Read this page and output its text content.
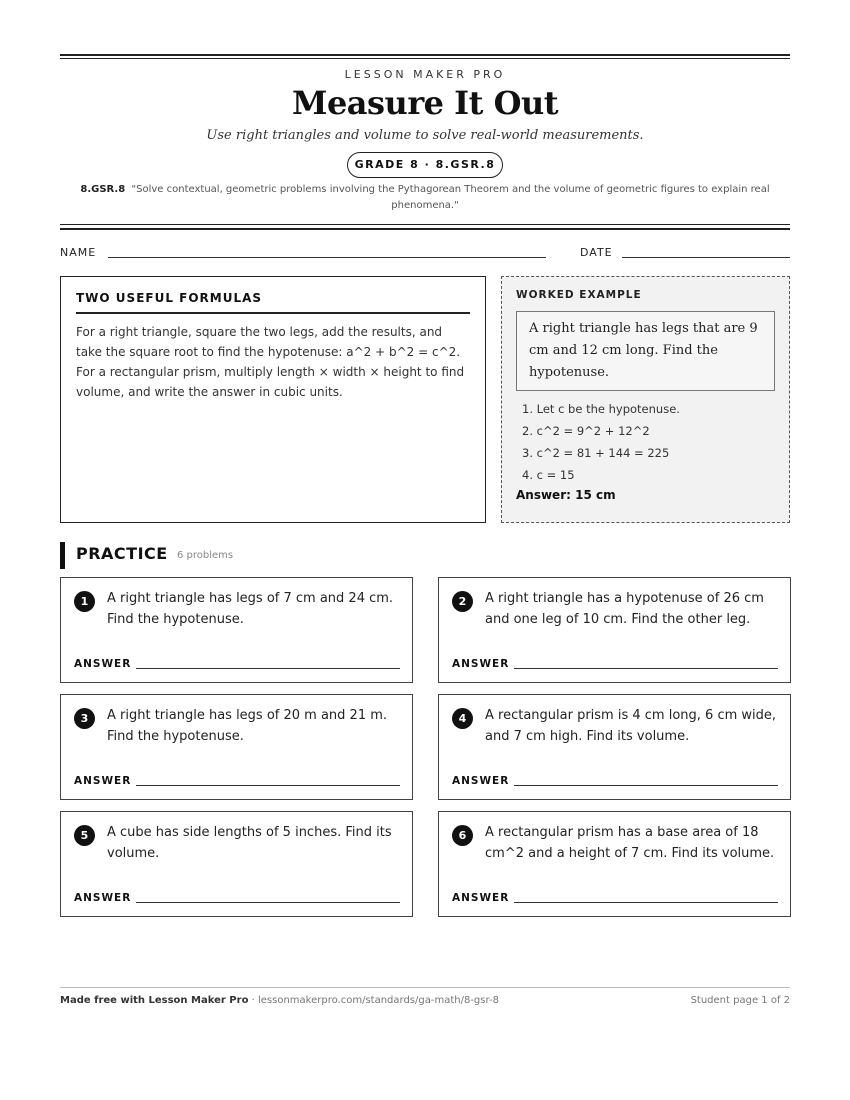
LESSON MAKER PRO
Measure It Out
Use right triangles and volume to solve real-world measurements.
GRADE 8 · 8.GSR.8
8.GSR.8 "Solve contextual, geometric problems involving the Pythagorean Theorem and the volume of geometric figures to explain real phenomena."
NAME	DATE
TWO USEFUL FORMULAS
For a right triangle, square the two legs, add the results, and take the square root to find the hypotenuse: a^2 + b^2 = c^2. For a rectangular prism, multiply length × width × height to find volume, and write the answer in cubic units.
WORKED EXAMPLE
A right triangle has legs that are 9 cm and 12 cm long. Find the hypotenuse.
1. Let c be the hypotenuse.
2. c^2 = 9^2 + 12^2
3. c^2 = 81 + 144 = 225
4. c = 15
Answer: 15 cm
PRACTICE 6 problems
1	A right triangle has legs of 7 cm and 24 cm. Find the hypotenuse.
ANSWER
2	A right triangle has a hypotenuse of 26 cm and one leg of 10 cm. Find the other leg.
ANSWER
3	A right triangle has legs of 20 m and 21 m. Find the hypotenuse.
ANSWER
4	A rectangular prism is 4 cm long, 6 cm wide, and 7 cm high. Find its volume.
ANSWER
5	A cube has side lengths of 5 inches. Find its volume.
ANSWER
6	A rectangular prism has a base area of 18 cm^2 and a height of 7 cm. Find its volume.
ANSWER
Made free with Lesson Maker Pro · lessonmakerpro.com/standards/ga-math/8-gsr-8	Student page 1 of 2
